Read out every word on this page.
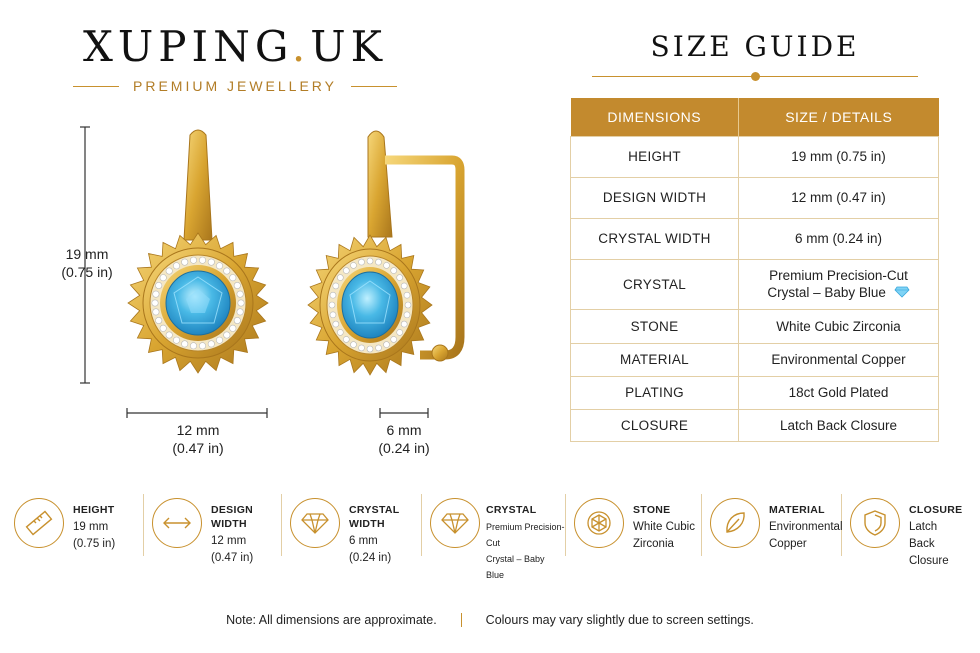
XUPING.UK
PREMIUM JEWELLERY
19 mm
(0.75 in)
12 mm
(0.47 in)
6 mm
(0.24 in)
SIZE GUIDE
DIMENSIONS	SIZE / DETAILS
HEIGHT	19 mm (0.75 in)
DESIGN WIDTH	12 mm (0.47 in)
CRYSTAL WIDTH	6 mm (0.24 in)
CRYSTAL	Premium Precision-Cut
Crystal – Baby Blue

STONE	White Cubic Zirconia
MATERIAL	Environmental Copper
PLATING	18ct Gold Plated
CLOSURE	Latch Back Closure
HEIGHT
19 mm
(0.75 in)
DESIGN WIDTH
12 mm
(0.47 in)
CRYSTAL WIDTH
6 mm
(0.24 in)
CRYSTAL
Premium Precision-Cut
Crystal – Baby Blue
STONE
White Cubic
Zirconia
MATERIAL
Environmental
Copper
CLOSURE
Latch Back
Closure
Note: All dimensions are approximate.	Colours may vary slightly due to screen settings.
